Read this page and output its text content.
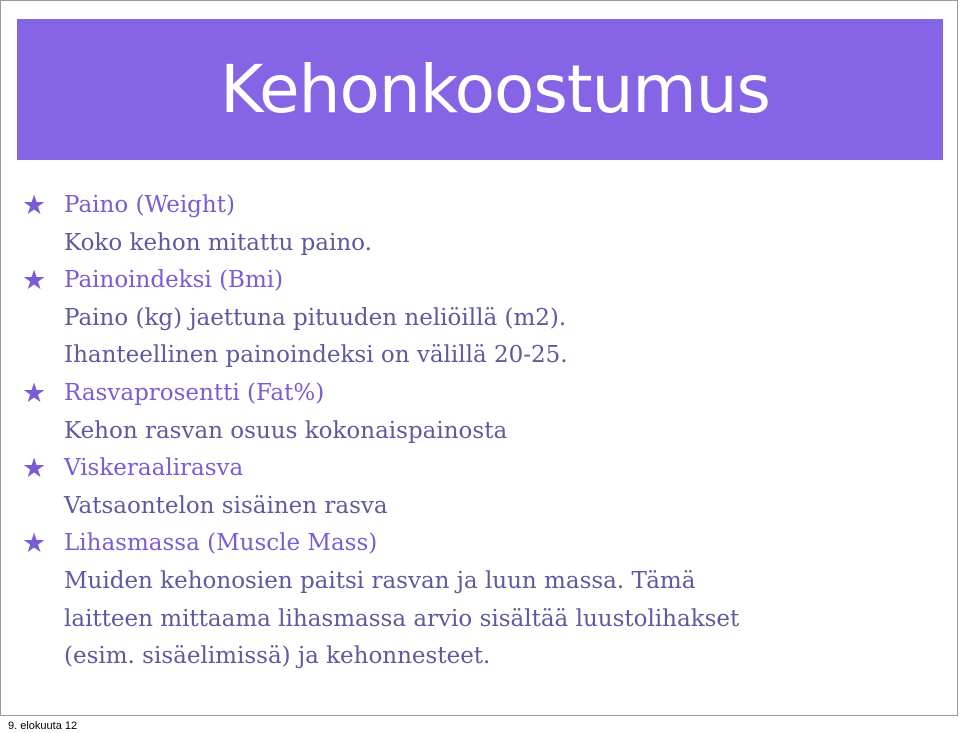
Kehonkoostumus
★ Paino (Weight)
Koko kehon mitattu paino.
★ Painoindeksi (Bmi)
Paino (kg) jaettuna pituuden neliöillä (m2).
Ihanteellinen painoindeksi on välillä 20-25.
★ Rasvaprosentti (Fat%)
Kehon rasvan osuus kokonaispainosta
★ Viskeraalirasva
Vatsaontelon sisäinen rasva
★ Lihasmassa (Muscle Mass)
Muiden kehonosien paitsi rasvan ja luun massa. Tämä
laitteen mittaama lihasmassa arvio sisältää luustolihakset
(esim. sisäelimissä) ja kehonnesteet.
9. elokuuta 12
